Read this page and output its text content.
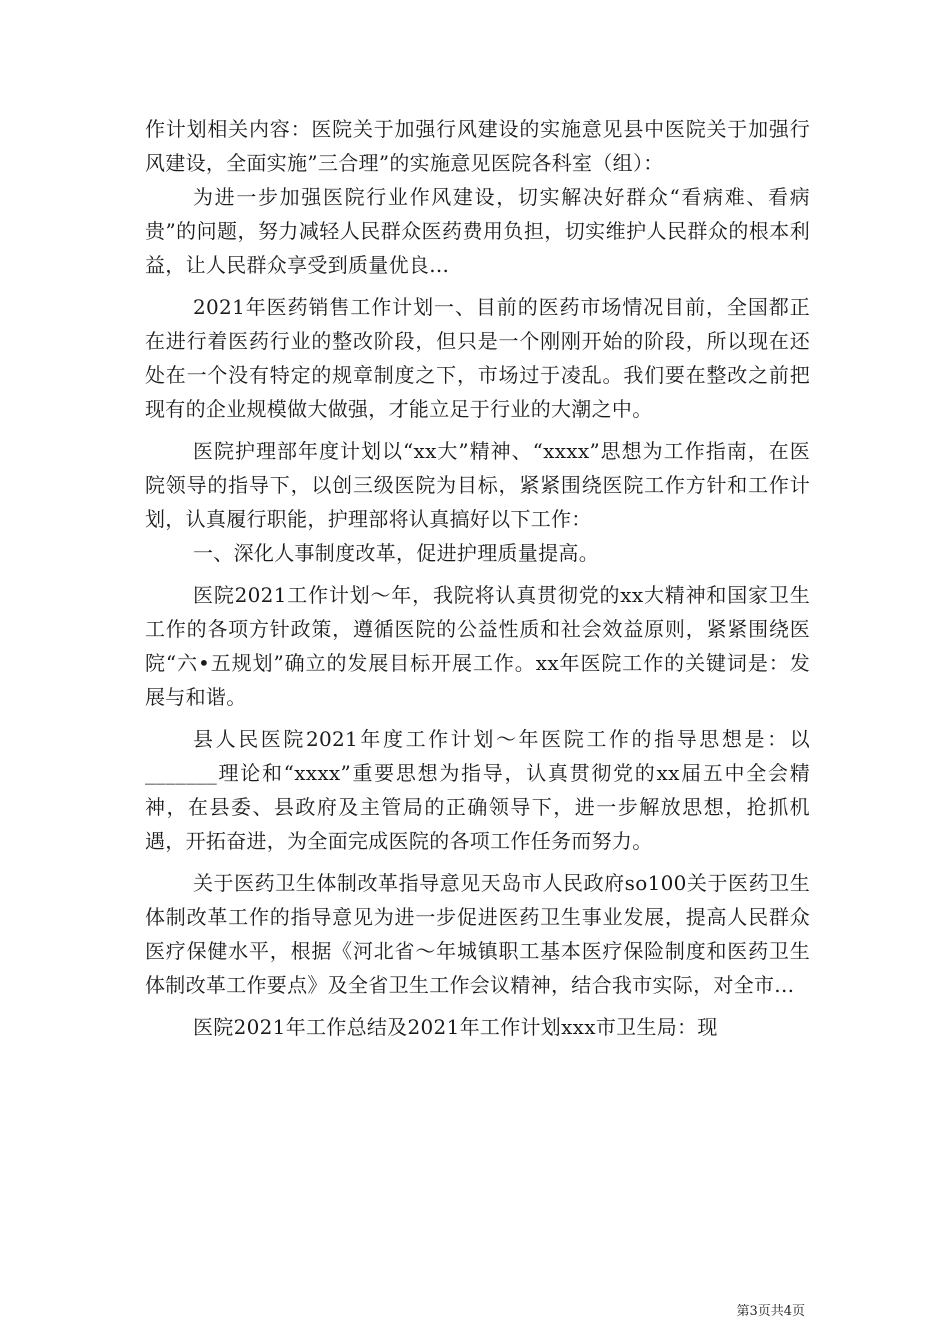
作计划相关内容：医院关于加强行风建设的实施意见县中医院关于加强行风建设，全面实施”三合理”的实施意见医院各科室（组）：

为进一步加强医院行业作风建设，切实解决好群众“看病难、看病贵”的问题，努力减轻人民群众医药费用负担，切实维护人民群众的根本利益，让人民群众享受到质量优良...

2021年医药销售工作计划一、目前的医药市场情况目前，全国都正在进行着医药行业的整改阶段，但只是一个刚刚开始的阶段，所以现在还处在一个没有特定的规章制度之下，市场过于凌乱。我们要在整改之前把现有的企业规模做大做强，才能立足于行业的大潮之中。

医院护理部年度计划以“xx大”精神、“xxxx”思想为工作指南，在医院领导的指导下，以创三级医院为目标，紧紧围绕医院工作方针和工作计划，认真履行职能，护理部将认真搞好以下工作：

一、深化人事制度改革，促进护理质量提高。

医院2021工作计划～年，我院将认真贯彻党的xx大精神和国家卫生工作的各项方针政策，遵循医院的公益性质和社会效益原则，紧紧围绕医院“六•五规划”确立的发展目标开展工作。xx年医院工作的关键词是：发展与和谐。

县人民医院2021年度工作计划～年医院工作的指导思想是：以_______理论和“xxxx”重要思想为指导，认真贯彻党的xx届五中全会精神，在县委、县政府及主管局的正确领导下，进一步解放思想，抢抓机遇，开拓奋进，为全面完成医院的各项工作任务而努力。

关于医药卫生体制改革指导意见天岛市人民政府so100关于医药卫生体制改革工作的指导意见为进一步促进医药卫生事业发展，提高人民群众医疗保健水平，根据《河北省～年城镇职工基本医疗保险制度和医药卫生体制改革工作要点》及全省卫生工作会议精神，结合我市实际，对全市...

医院2021年工作总结及2021年工作计划xxx市卫生局：现

第3页共4页
